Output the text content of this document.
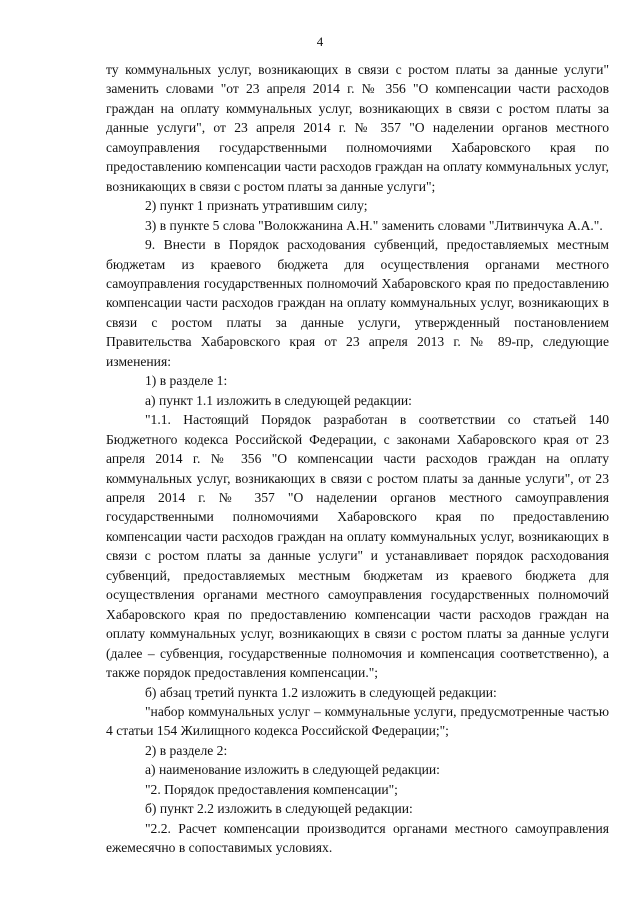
4

ту коммунальных услуг, возникающих в связи с ростом платы за данные услуги" заменить словами "от 23 апреля 2014 г. № 356 "О компенсации части расходов граждан на оплату коммунальных услуг, возникающих в связи с ростом платы за данные услуги", от 23 апреля 2014 г. № 357 "О наделении органов местного самоуправления государственными полномочиями Хабаровского края по предоставлению компенсации части расходов граждан на оплату коммунальных услуг, возникающих в связи с ростом платы за данные услуги";

2) пункт 1 признать утратившим силу;

3) в пункте 5 слова "Волокжанина А.Н." заменить словами "Литвинчука А.А.".

9. Внести в Порядок расходования субвенций, предоставляемых местным бюджетам из краевого бюджета для осуществления органами местного самоуправления государственных полномочий Хабаровского края по предоставлению компенсации части расходов граждан на оплату коммунальных услуг, возникающих в связи с ростом платы за данные услуги, утвержденный постановлением Правительства Хабаровского края от 23 апреля 2013 г. № 89-пр, следующие изменения:

1) в разделе 1:

а) пункт 1.1 изложить в следующей редакции:

"1.1. Настоящий Порядок разработан в соответствии со статьей 140 Бюджетного кодекса Российской Федерации, с законами Хабаровского края от 23 апреля 2014 г. № 356 "О компенсации части расходов граждан на оплату коммунальных услуг, возникающих в связи с ростом платы за данные услуги", от 23 апреля 2014 г. № 357 "О наделении органов местного самоуправления государственными полномочиями Хабаровского края по предоставлению компенсации части расходов граждан на оплату коммунальных услуг, возникающих в связи с ростом платы за данные услуги" и устанавливает порядок расходования субвенций, предоставляемых местным бюджетам из краевого бюджета для осуществления органами местного самоуправления государственных полномочий Хабаровского края по предоставлению компенсации части расходов граждан на оплату коммунальных услуг, возникающих в связи с ростом платы за данные услуги (далее – субвенция, государственные полномочия и компенсация соответственно), а также порядок предоставления компенсации.";

б) абзац третий пункта 1.2 изложить в следующей редакции:

"набор коммунальных услуг – коммунальные услуги, предусмотренные частью 4 статьи 154 Жилищного кодекса Российской Федерации;";

2) в разделе 2:

а) наименование изложить в следующей редакции:

"2. Порядок предоставления компенсации";

б) пункт 2.2 изложить в следующей редакции:

"2.2. Расчет компенсации производится органами местного самоуправления ежемесячно в сопоставимых условиях.
